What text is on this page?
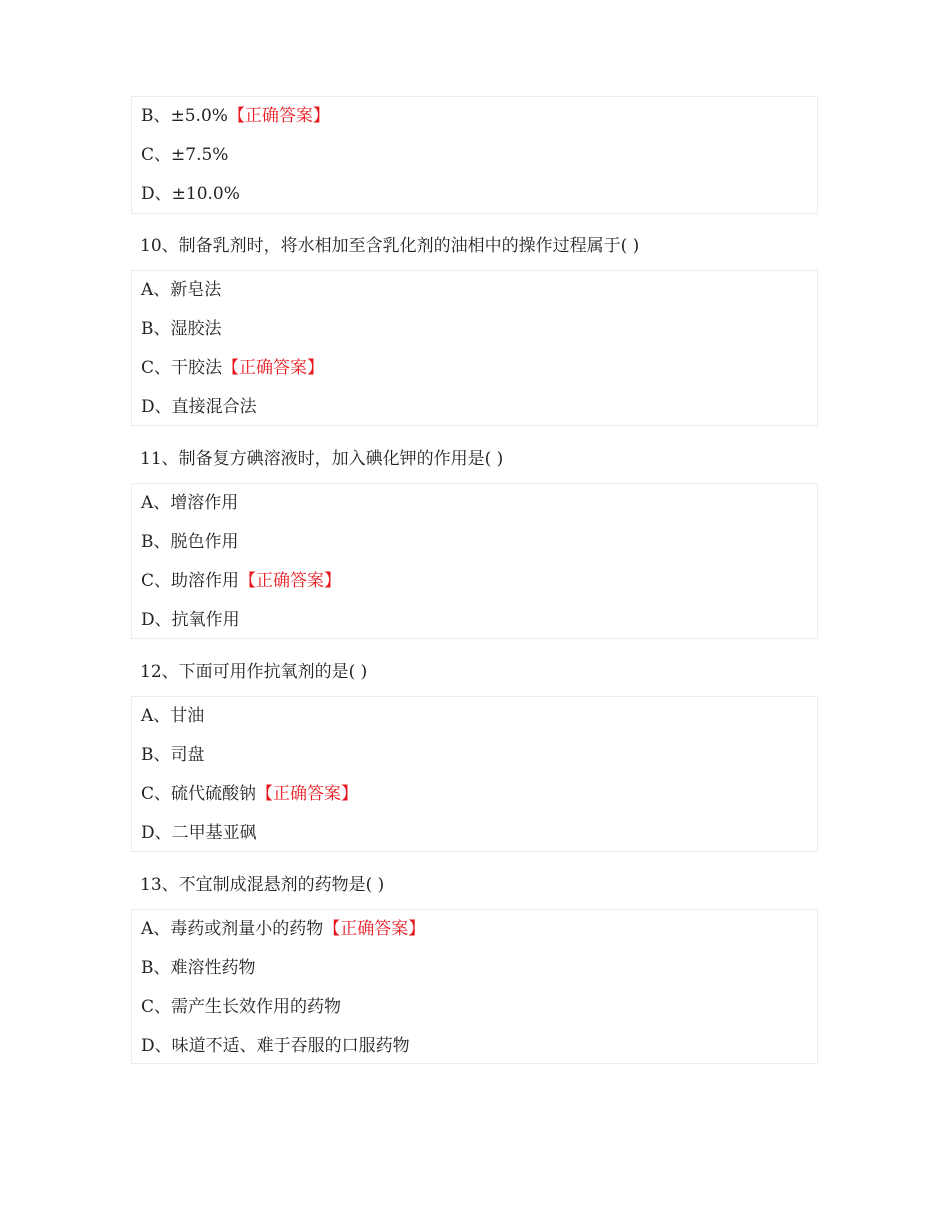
B、±5.0%【正确答案】
C、±7.5%
D、±10.0%
10、制备乳剂时，将水相加至含乳化剂的油相中的操作过程属于( )
A、新皂法
B、湿胶法
C、干胶法【正确答案】
D、直接混合法
11、制备复方碘溶液时，加入碘化钾的作用是( )
A、增溶作用
B、脱色作用
C、助溶作用【正确答案】
D、抗氧作用
12、下面可用作抗氧剂的是( )
A、甘油
B、司盘
C、硫代硫酸钠【正确答案】
D、二甲基亚砜
13、不宜制成混悬剂的药物是( )
A、毒药或剂量小的药物【正确答案】
B、难溶性药物
C、需产生长效作用的药物
D、味道不适、难于吞服的口服药物
